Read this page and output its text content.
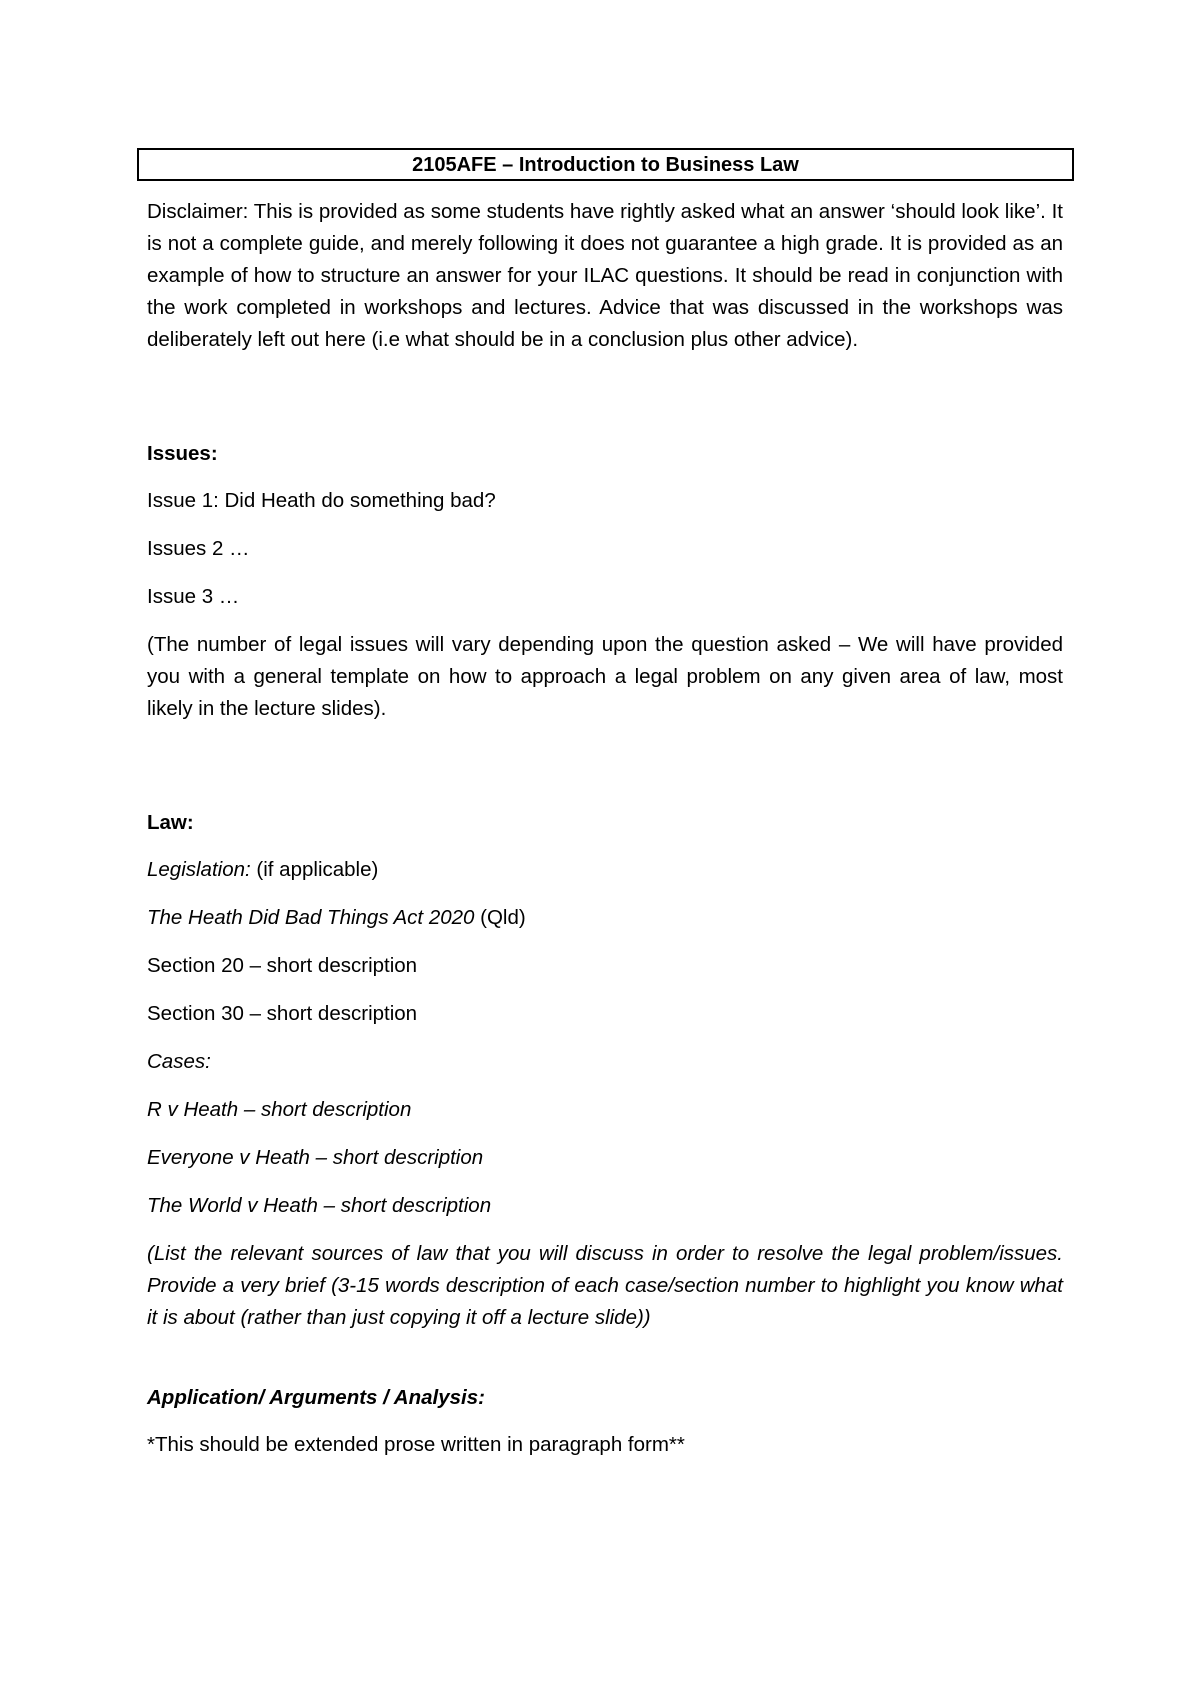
2105AFE – Introduction to Business Law

Disclaimer: This is provided as some students have rightly asked what an answer ‘should look like’. It is not a complete guide, and merely following it does not guarantee a high grade. It is provided as an example of how to structure an answer for your ILAC questions. It should be read in conjunction with the work completed in workshops and lectures. Advice that was discussed in the workshops was deliberately left out here (i.e what should be in a conclusion plus other advice).

Issues:

Issue 1: Did Heath do something bad?

Issues 2 …

Issue 3 …

(The number of legal issues will vary depending upon the question asked – We will have provided you with a general template on how to approach a legal problem on any given area of law, most likely in the lecture slides).

Law:

Legislation: (if applicable)

The Heath Did Bad Things Act 2020 (Qld)

Section 20 – short description

Section 30 – short description

Cases:

R v Heath – short description

Everyone v Heath – short description

The World v Heath – short description

(List the relevant sources of law that you will discuss in order to resolve the legal problem/issues. Provide a very brief (3-15 words description of each case/section number to highlight you know what it is about (rather than just copying it off a lecture slide))

Application/ Arguments / Analysis:

*This should be extended prose written in paragraph form**
